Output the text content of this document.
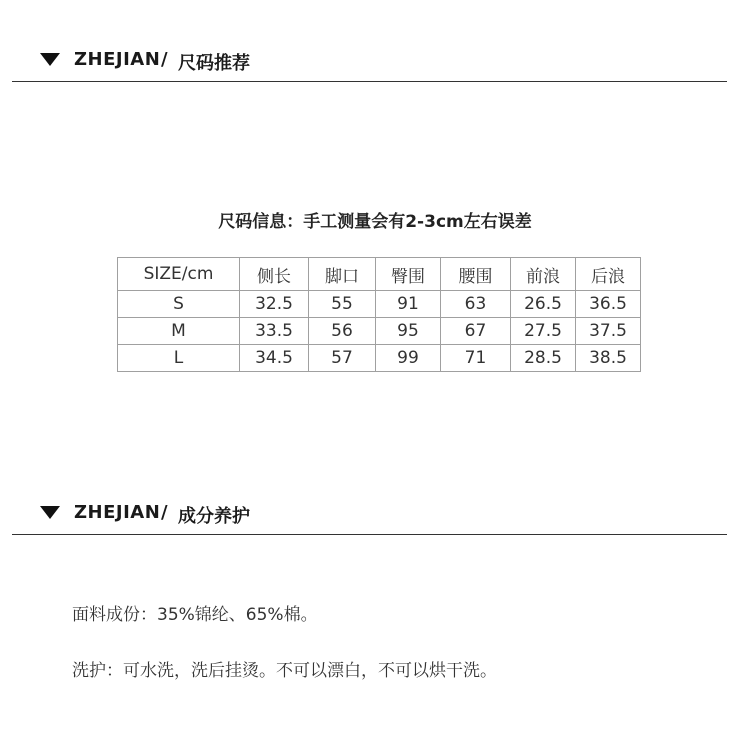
ZHEJIAN / 尺码推荐
尺码信息：手工测量会有2-3cm左右误差
SIZE/cm	侧长	脚口	臀围	腰围	前浪	后浪
S	32.5	55	91	63	26.5	36.5
M	33.5	56	95	67	27.5	37.5
L	34.5	57	99	71	28.5	38.5
ZHEJIAN / 成分养护
面料成份：35%锦纶、65%棉。
洗护：可水洗，洗后挂烫。不可以漂白，不可以烘干洗。
